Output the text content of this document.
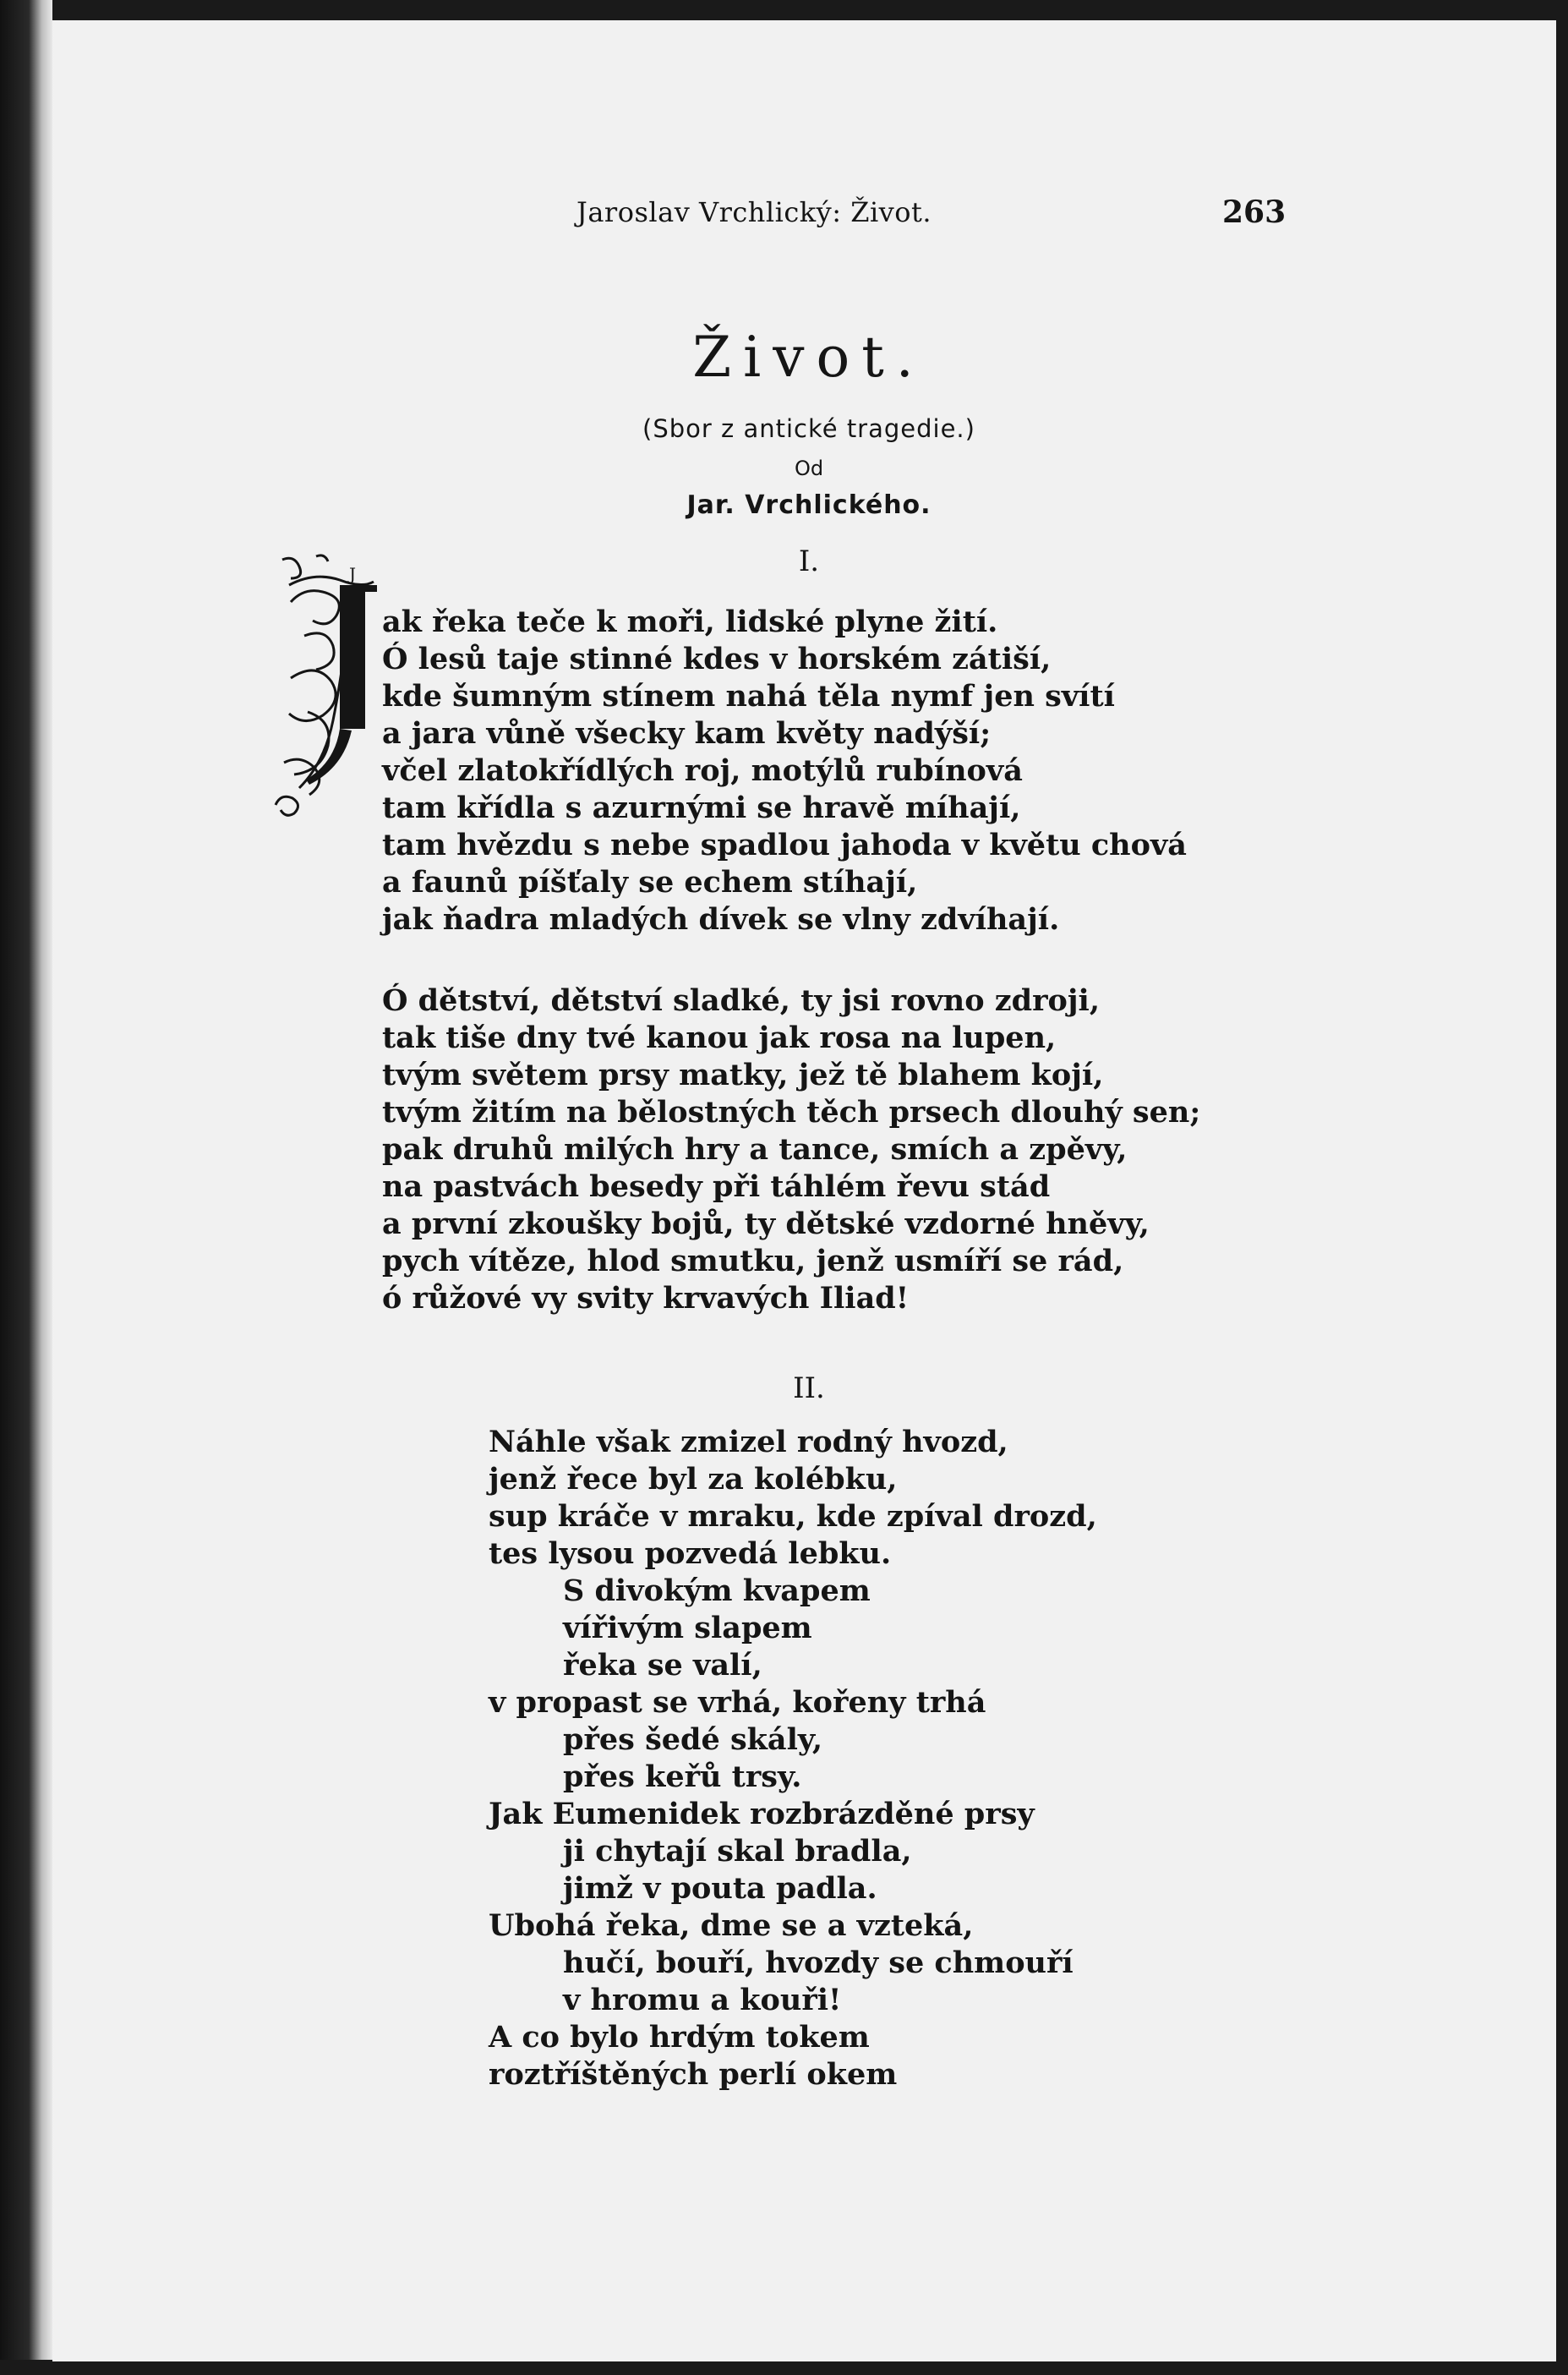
Jaroslav Vrchlický: Život.	263
Život.
(Sbor z antické tragedie.)
Od
Jar. Vrchlického.
I.
J
ak řeka teče k moři, lidské plyne žití.
Ó lesů taje stinné kdes v horském zátiší,
kde šumným stínem nahá těla nymf jen svítí
a jara vůně všecky kam květy nadýší;
včel zlatokřídlých roj, motýlů rubínová
tam křídla s azurnými se hravě míhají,
tam hvězdu s nebe spadlou jahoda v květu chová
a faunů píšťaly se echem stíhají,
jak ňadra mladých dívek se vlny zdvíhají.
Ó dětství, dětství sladké, ty jsi rovno zdroji,
tak tiše dny tvé kanou jak rosa na lupen,
tvým světem prsy matky, jež tě blahem kojí,
tvým žitím na bělostných těch prsech dlouhý sen;
pak druhů milých hry a tance, smích a zpěvy,
na pastvách besedy při táhlém řevu stád
a první zkoušky bojů, ty dětské vzdorné hněvy,
pych vítěze, hlod smutku, jenž usmíří se rád,
ó růžové vy svity krvavých Iliad!
II.
Náhle však zmizel rodný hvozd,
jenž řece byl za kolébku,
sup kráče v mraku, kde zpíval drozd,
tes lysou pozvedá lebku.
S divokým kvapem
vířivým slapem
řeka se valí,
v propast se vrhá, kořeny trhá
přes šedé skály,
přes keřů trsy.
Jak Eumenidek rozbrázděné prsy
ji chytají skal bradla,
jimž v pouta padla.
Ubohá řeka, dme se a vzteká,
hučí, bouří, hvozdy se chmouří
v hromu a kouři!
A co bylo hrdým tokem
roztříštěných perlí okem
